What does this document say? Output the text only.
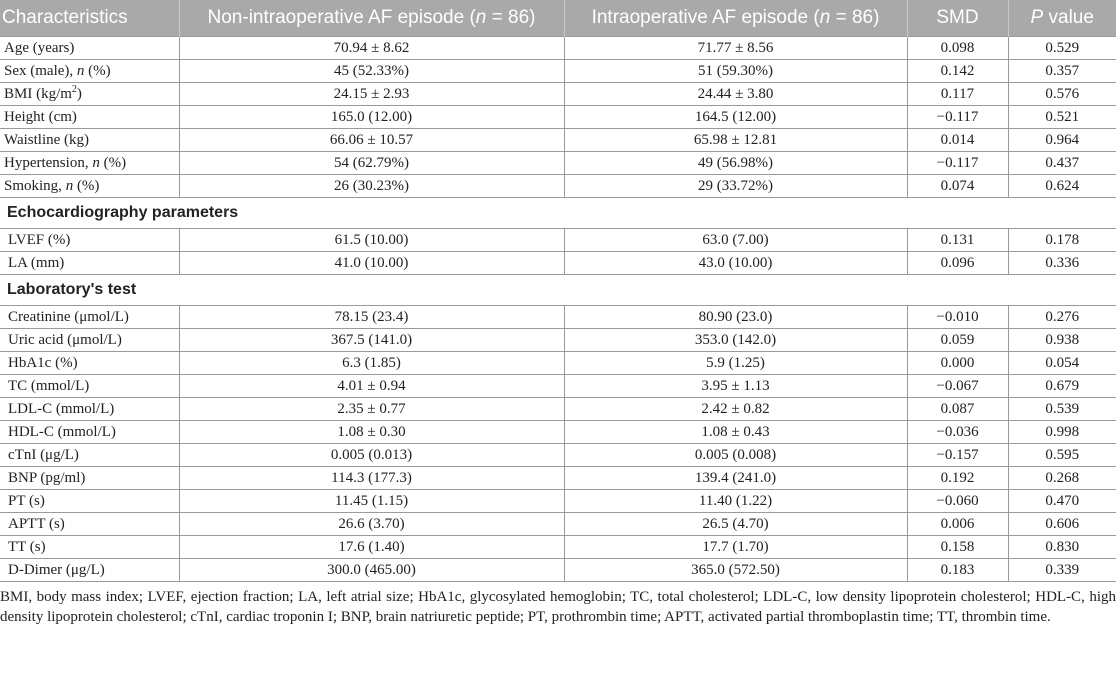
Characteristics	Non-intraoperative AF episode (n = 86)	Intraoperative AF episode (n = 86)	SMD	P value
Age (years)	70.94 ± 8.62	71.77 ± 8.56	0.098	0.529
Sex (male), n (%)	45 (52.33%)	51 (59.30%)	0.142	0.357
BMI $(kg/m^2)$	24.15 ± 2.93	24.44 ± 3.80	0.117	0.576
Height (cm)	165.0 (12.00)	164.5 (12.00)	−0.117	0.521
Waistline (kg)	66.06 ± 10.57	65.98 ± 12.81	0.014	0.964
Hypertension, n (%)	54 (62.79%)	49 (56.98%)	−0.117	0.437
Smoking, n (%)	26 (30.23%)	29 (33.72%)	0.074	0.624
Echocardiography parameters				
LVEF (%)	61.5 (10.00)	63.0 (7.00)	0.131	0.178
LA (mm)	41.0 (10.00)	43.0 (10.00)	0.096	0.336
Laboratory's test				
Creatinine (μmol/L)	78.15 (23.4)	80.90 (23.0)	−0.010	0.276
Uric acid (μmol/L)	367.5 (141.0)	353.0 (142.0)	0.059	0.938
HbA1c (%)	6.3 (1.85)	5.9 (1.25)	0.000	0.054
TC (mmol/L)	4.01 ± 0.94	3.95 ± 1.13	−0.067	0.679
LDL-C (mmol/L)	2.35 ± 0.77	2.42 ± 0.82	0.087	0.539
HDL-C (mmol/L)	1.08 ± 0.30	1.08 ± 0.43	−0.036	0.998
cTnI (μg/L)	0.005 (0.013)	0.005 (0.008)	−0.157	0.595
BNP (pg/ml)	114.3 (177.3)	139.4 (241.0)	0.192	0.268
PT (s)	11.45 (1.15)	11.40 (1.22)	−0.060	0.470
APTT (s)	26.6 (3.70)	26.5 (4.70)	0.006	0.606
TT (s)	17.6 (1.40)	17.7 (1.70)	0.158	0.830
D-Dimer (μg/L)	300.0 (465.00)	365.0 (572.50)	0.183	0.339

BMI, body mass index; LVEF, ejection fraction; LA, left atrial size; HbA1c, glycosylated hemoglobin; TC, total cholesterol; LDL-C, low density lipoprotein cholesterol; HDL-C, high density lipoprotein cholesterol; cTnI, cardiac troponin I; BNP, brain natriuretic peptide; PT, prothrombin time; APTT, activated partial thromboplastin time; TT, thrombin time.
